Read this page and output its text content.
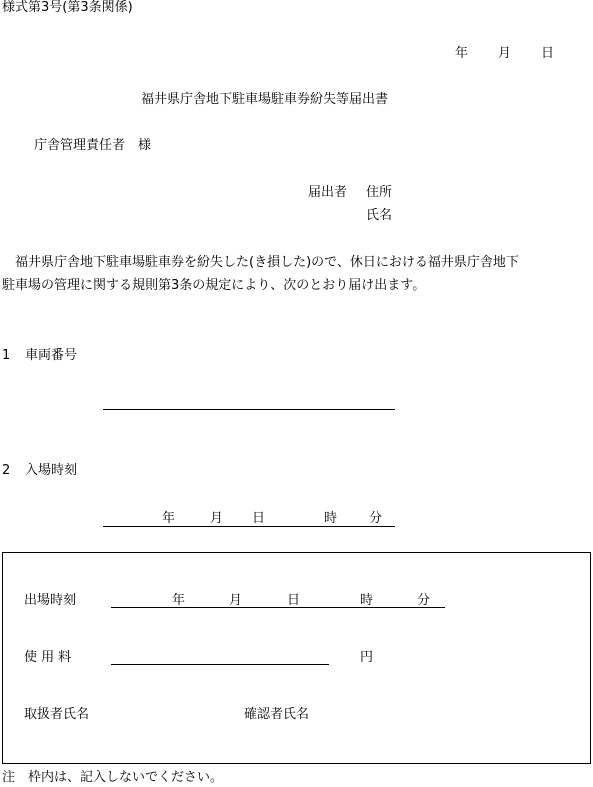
様式第3号(第3条関係)
年 月 日
福井県庁舎地下駐車場駐車券紛失等届出書
庁舎管理責任者　様
届出者 住所
氏名
　福井県庁舎地下駐車場駐車券を紛失した(き損した)ので、休日における福井県庁舎地下
駐車場の管理に関する規則第3条の規定により、次のとおり届け出ます。
1 車両番号
2 入場時刻
年	月 日	時 分
出場時刻	年	月	日	時	分
使 用 料	円
取扱者氏名	確認者氏名
注　枠内は、記入しないでください。
